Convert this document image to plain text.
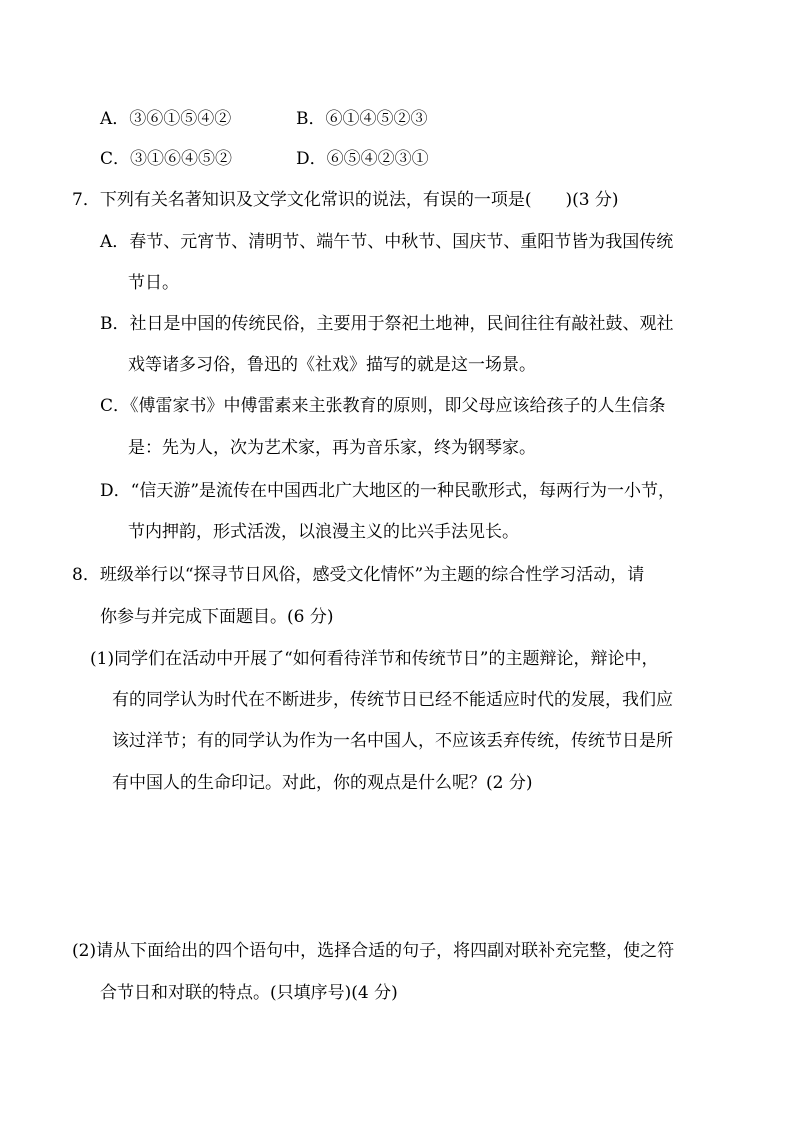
A．③⑥①⑤④②	B．⑥①④⑤②③
C．③①⑥④⑤②	D．⑥⑤④②③①
7．下列有关名著知识及文学文化常识的说法，有误的一项是(　　)(3 分)
A．春节、元宵节、清明节、端午节、中秋节、国庆节、重阳节皆为我国传统
节日。
B．社日是中国的传统民俗，主要用于祭祀土地神，民间往往有敲社鼓、观社
戏等诸多习俗，鲁迅的《社戏》描写的就是这一场景。
C．《傅雷家书》中傅雷素来主张教育的原则，即父母应该给孩子的人生信条
是：先为人，次为艺术家，再为音乐家，终为钢琴家。
D．“信天游”是流传在中国西北广大地区的一种民歌形式，每两行为一小节，
节内押韵，形式活泼，以浪漫主义的比兴手法见长。
8．班级举行以“探寻节日风俗，感受文化情怀”为主题的综合性学习活动，请
你参与并完成下面题目。(6 分)
(1)同学们在活动中开展了“如何看待洋节和传统节日”的主题辩论，辩论中，
有的同学认为时代在不断进步，传统节日已经不能适应时代的发展，我们应
该过洋节；有的同学认为作为一名中国人，不应该丢弃传统，传统节日是所
有中国人的生命印记。对此，你的观点是什么呢？(2 分)
(2)请从下面给出的四个语句中，选择合适的句子，将四副对联补充完整，使之符
合节日和对联的特点。(只填序号)(4 分)
